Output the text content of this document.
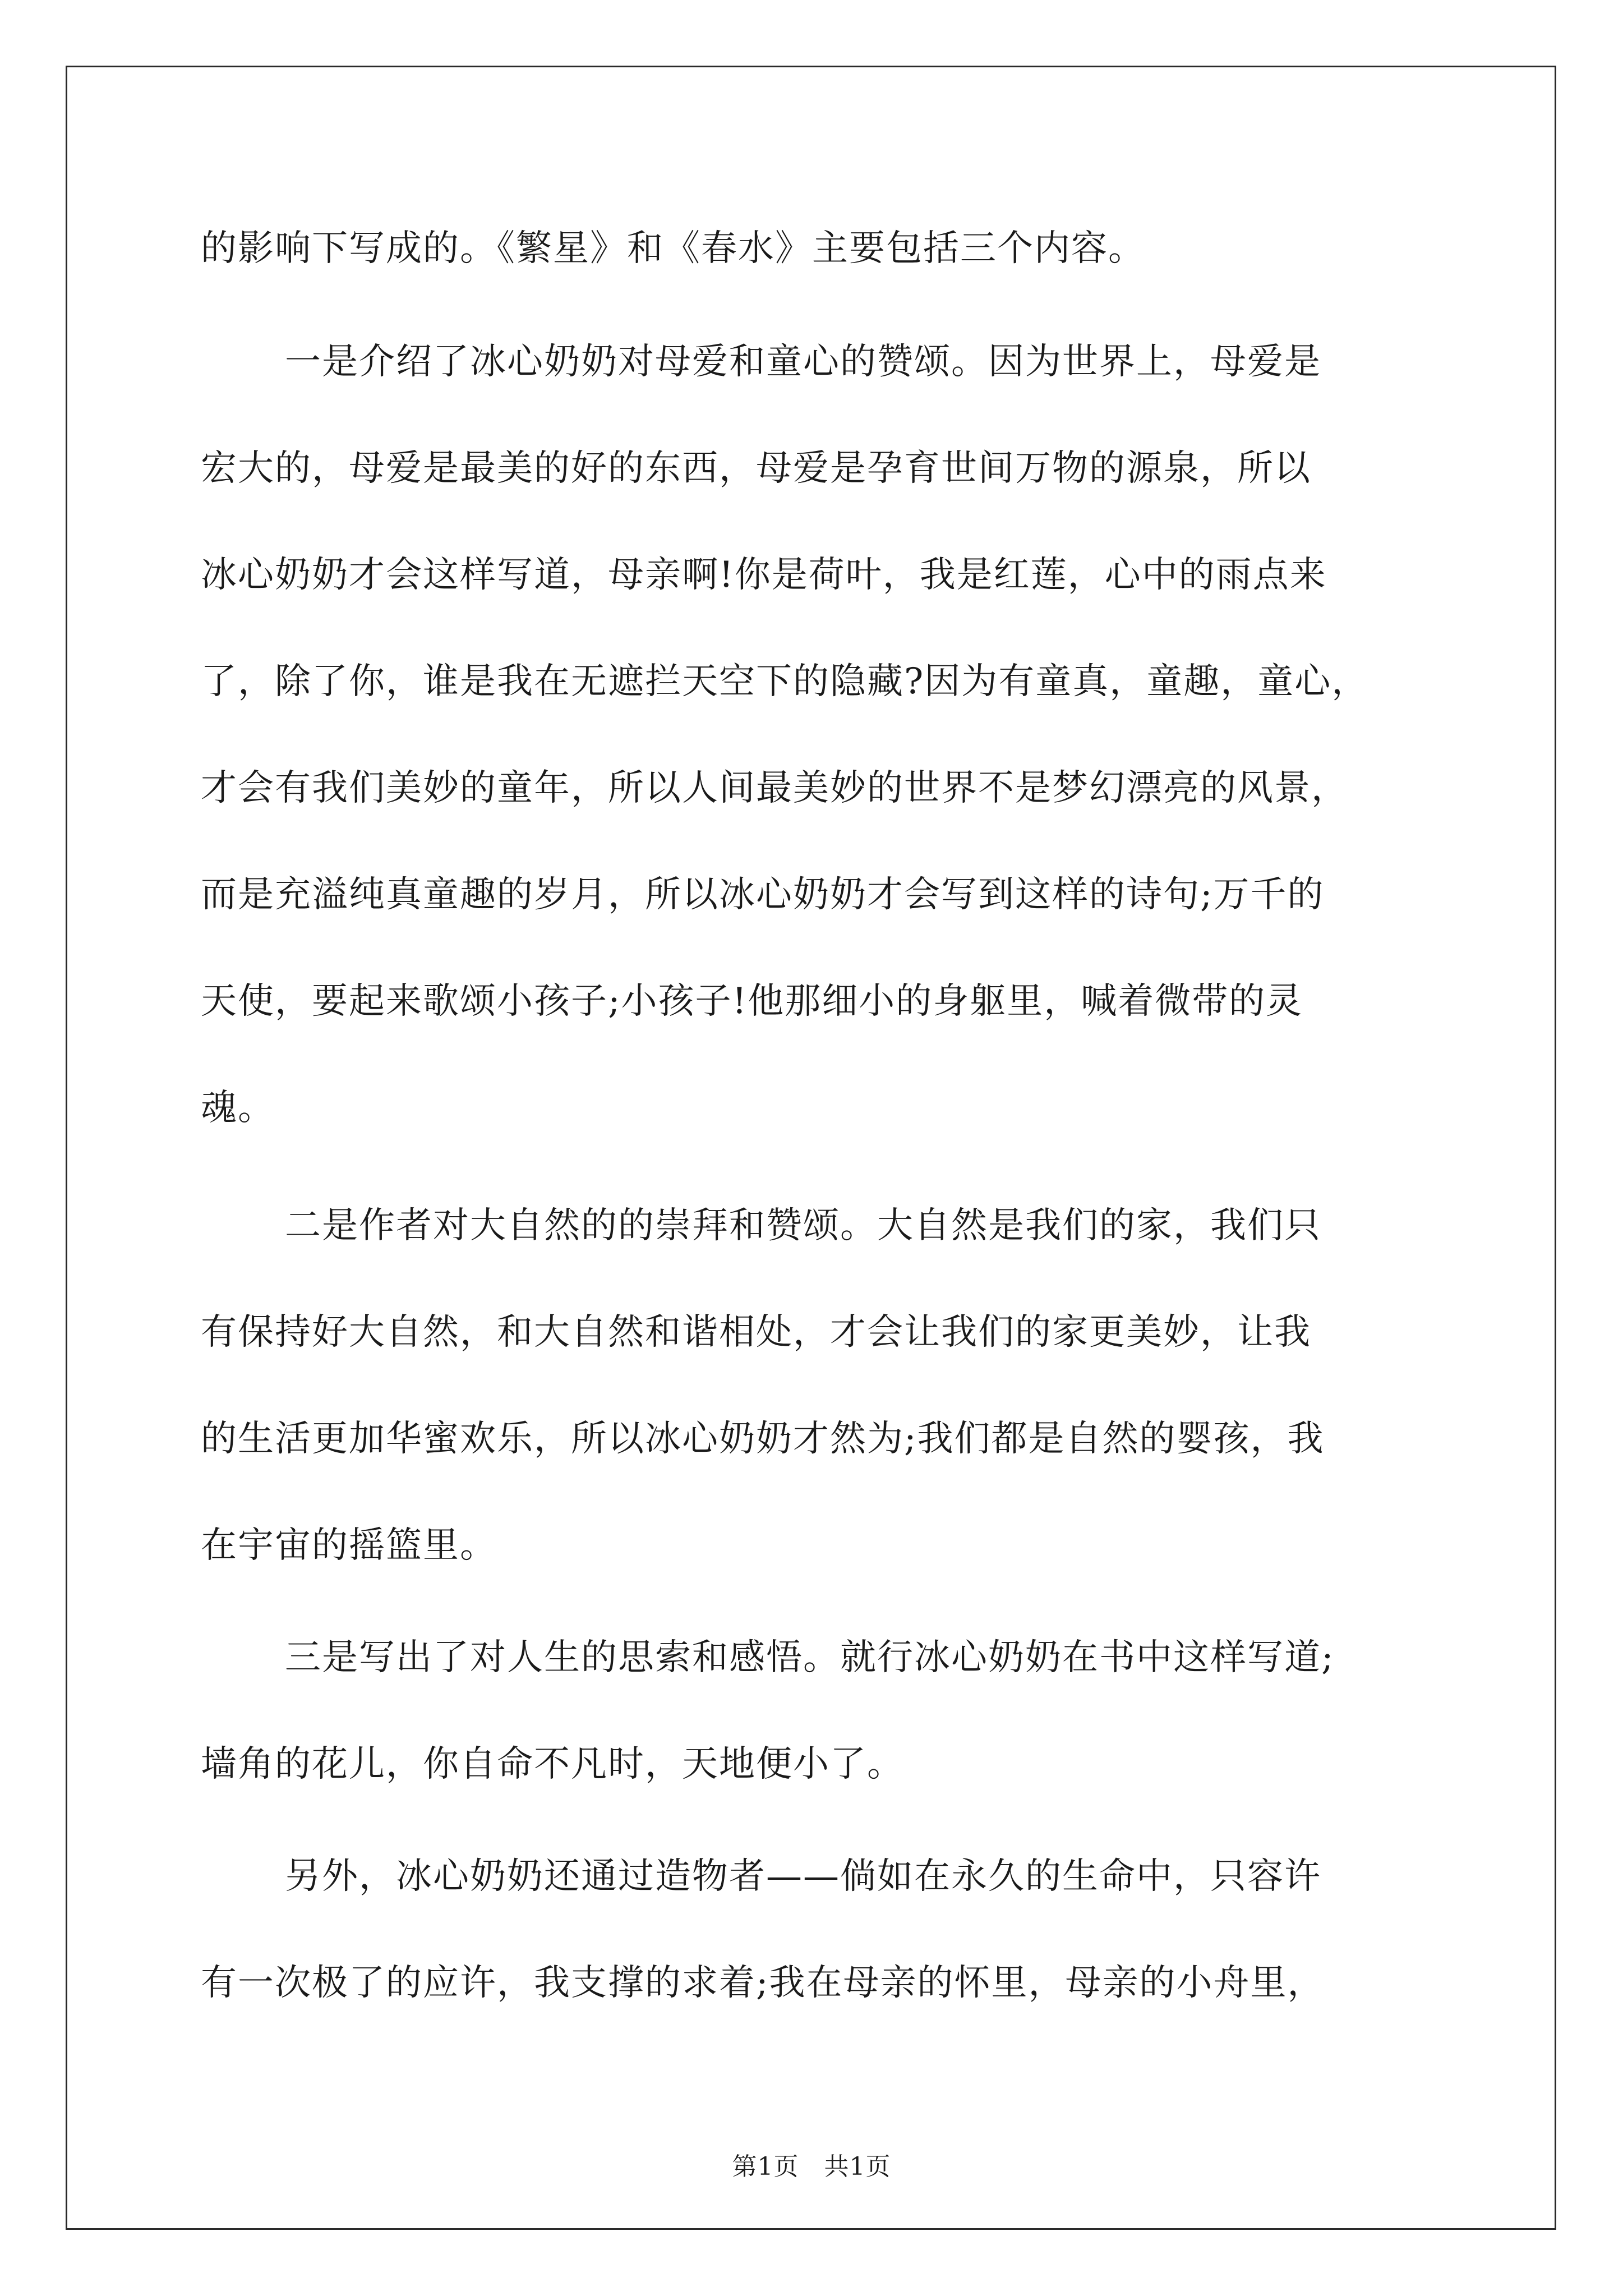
的影响下写成的。《繁星》和《春水》主要包括三个内容。
一是介绍了冰心奶奶对母爱和童心的赞颂。因为世界上，母爱是
宏大的，母爱是最美的好的东西，母爱是孕育世间万物的源泉，所以
冰心奶奶才会这样写道，母亲啊!你是荷叶，我是红莲，心中的雨点来
了，除了你，谁是我在无遮拦天空下的隐藏?因为有童真，童趣，童心，
才会有我们美妙的童年，所以人间最美妙的世界不是梦幻漂亮的风景，
而是充溢纯真童趣的岁月，所以冰心奶奶才会写到这样的诗句;万千的
天使，要起来歌颂小孩子;小孩子!他那细小的身躯里，喊着微带的灵
魂。
二是作者对大自然的的崇拜和赞颂。大自然是我们的家，我们只
有保持好大自然，和大自然和谐相处，才会让我们的家更美妙，让我
的生活更加华蜜欢乐，所以冰心奶奶才然为;我们都是自然的婴孩，我
在宇宙的摇篮里。
三是写出了对人生的思索和感悟。就行冰心奶奶在书中这样写道;
墙角的花儿，你自命不凡时，天地便小了。
另外，冰心奶奶还通过造物者——倘如在永久的生命中，只容许
有一次极了的应许，我支撑的求着;我在母亲的怀里，母亲的小舟里，
第1页　共1页
